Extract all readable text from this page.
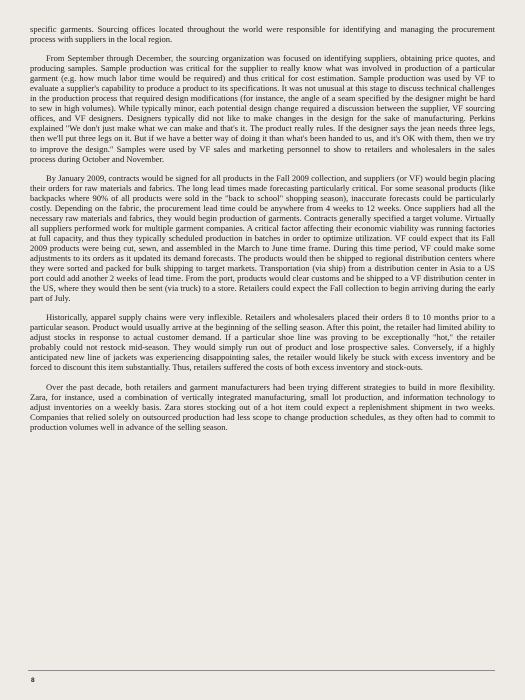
specific garments. Sourcing offices located throughout the world were responsible for identifying and managing the procurement process with suppliers in the local region.

From September through December, the sourcing organization was focused on identifying suppliers, obtaining price quotes, and producing samples. Sample production was critical for the supplier to really know what was involved in production of a particular garment (e.g. how much labor time would be required) and thus critical for cost estimation. Sample production was used by VF to evaluate a supplier's capability to produce a product to its specifications. It was not unusual at this stage to discuss technical challenges in the production process that required design modifications (for instance, the angle of a seam specified by the designer might be hard to sew in high volumes). While typically minor, each potential design change required a discussion between the supplier, VF sourcing offices, and VF designers. Designers typically did not like to make changes in the design for the sake of manufacturing. Perkins explained "We don't just make what we can make and that's it. The product really rules. If the designer says the jean needs three legs, then we'll put three legs on it. But if we have a better way of doing it than what's been handed to us, and it's OK with them, then we try to improve the design." Samples were used by VF sales and marketing personnel to show to retailers and wholesalers in the sales process during October and November.

By January 2009, contracts would be signed for all products in the Fall 2009 collection, and suppliers (or VF) would begin placing their orders for raw materials and fabrics. The long lead times made forecasting particularly critical. For some seasonal products (like backpacks where 90% of all products were sold in the "back to school" shopping season), inaccurate forecasts could be particularly costly. Depending on the fabric, the procurement lead time could be anywhere from 4 weeks to 12 weeks. Once suppliers had all the necessary raw materials and fabrics, they would begin production of garments. Contracts generally specified a target volume. Virtually all suppliers performed work for multiple garment companies. A critical factor affecting their economic viability was running factories at full capacity, and thus they typically scheduled production in batches in order to optimize utilization. VF could expect that its Fall 2009 products were being cut, sewn, and assembled in the March to June time frame. During this time period, VF could make some adjustments to its orders as it updated its demand forecasts. The products would then be shipped to regional distribution centers where they were sorted and packed for bulk shipping to target markets. Transportation (via ship) from a distribution center in Asia to a US port could add another 2 weeks of lead time. From the port, products would clear customs and be shipped to a VF distribution center in the US, where they would then be sent (via truck) to a store. Retailers could expect the Fall collection to begin arriving during the early part of July.

Historically, apparel supply chains were very inflexible. Retailers and wholesalers placed their orders 8 to 10 months prior to a particular season. Product would usually arrive at the beginning of the selling season. After this point, the retailer had limited ability to adjust stocks in response to actual customer demand. If a particular shoe line was proving to be exceptionally "hot," the retailer probably could not restock mid-season. They would simply run out of product and lose prospective sales. Conversely, if a highly anticipated new line of jackets was experiencing disappointing sales, the retailer would likely be stuck with excess inventory and be forced to discount this item substantially. Thus, retailers suffered the costs of both excess inventory and stock-outs.

Over the past decade, both retailers and garment manufacturers had been trying different strategies to build in more flexibility. Zara, for instance, used a combination of vertically integrated manufacturing, small lot production, and information technology to adjust inventories on a weekly basis. Zara stores stocking out of a hot item could expect a replenishment shipment in two weeks. Companies that relied solely on outsourced production had less scope to change production schedules, as they often had to commit to production volumes well in advance of the selling season.

8
